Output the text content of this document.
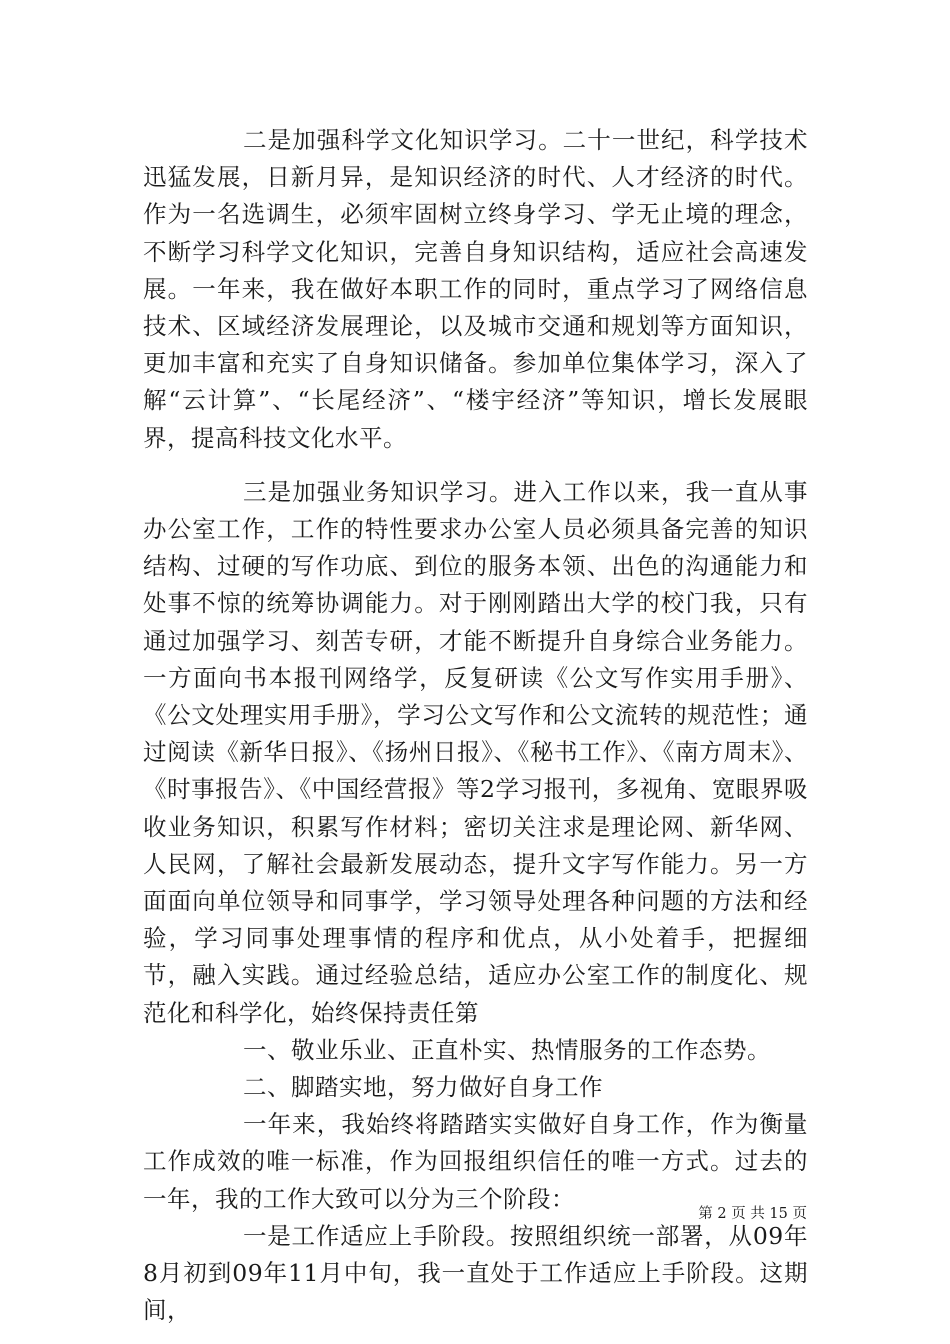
二是加强科学文化知识学习。二十一世纪，科学技术迅猛发展，日新月异，是知识经济的时代、人才经济的时代。作为一名选调生，必须牢固树立终身学习、学无止境的理念，不断学习科学文化知识，完善自身知识结构，适应社会高速发展。一年来，我在做好本职工作的同时，重点学习了网络信息技术、区域经济发展理论，以及城市交通和规划等方面知识，更加丰富和充实了自身知识储备。参加单位集体学习，深入了解“云计算”、“长尾经济”、“楼宇经济”等知识，增长发展眼界，提高科技文化水平。

三是加强业务知识学习。进入工作以来，我一直从事办公室工作，工作的特性要求办公室人员必须具备完善的知识结构、过硬的写作功底、到位的服务本领、出色的沟通能力和处事不惊的统筹协调能力。对于刚刚踏出大学的校门我，只有通过加强学习、刻苦专研，才能不断提升自身综合业务能力。一方面向书本报刊网络学，反复研读《公文写作实用手册》、《公文处理实用手册》，学习公文写作和公文流转的规范性；通过阅读《新华日报》、《扬州日报》、《秘书工作》、《南方周末》、《时事报告》、《中国经营报》等2学习报刊，多视角、宽眼界吸收业务知识，积累写作材料；密切关注求是理论网、新华网、人民网，了解社会最新发展动态，提升文字写作能力。另一方面面向单位领导和同事学，学习领导处理各种问题的方法和经验，学习同事处理事情的程序和优点，从小处着手，把握细节，融入实践。通过经验总结，适应办公室工作的制度化、规范化和科学化，始终保持责任第

一、敬业乐业、正直朴实、热情服务的工作态势。

二、脚踏实地，努力做好自身工作

一年来，我始终将踏踏实实做好自身工作，作为衡量工作成效的唯一标准，作为回报组织信任的唯一方式。过去的一年，我的工作大致可以分为三个阶段：

一是工作适应上手阶段。按照组织统一部署，从09年8月初到09年11月中旬，我一直处于工作适应上手阶段。这期间，

第 2 页 共 15 页
